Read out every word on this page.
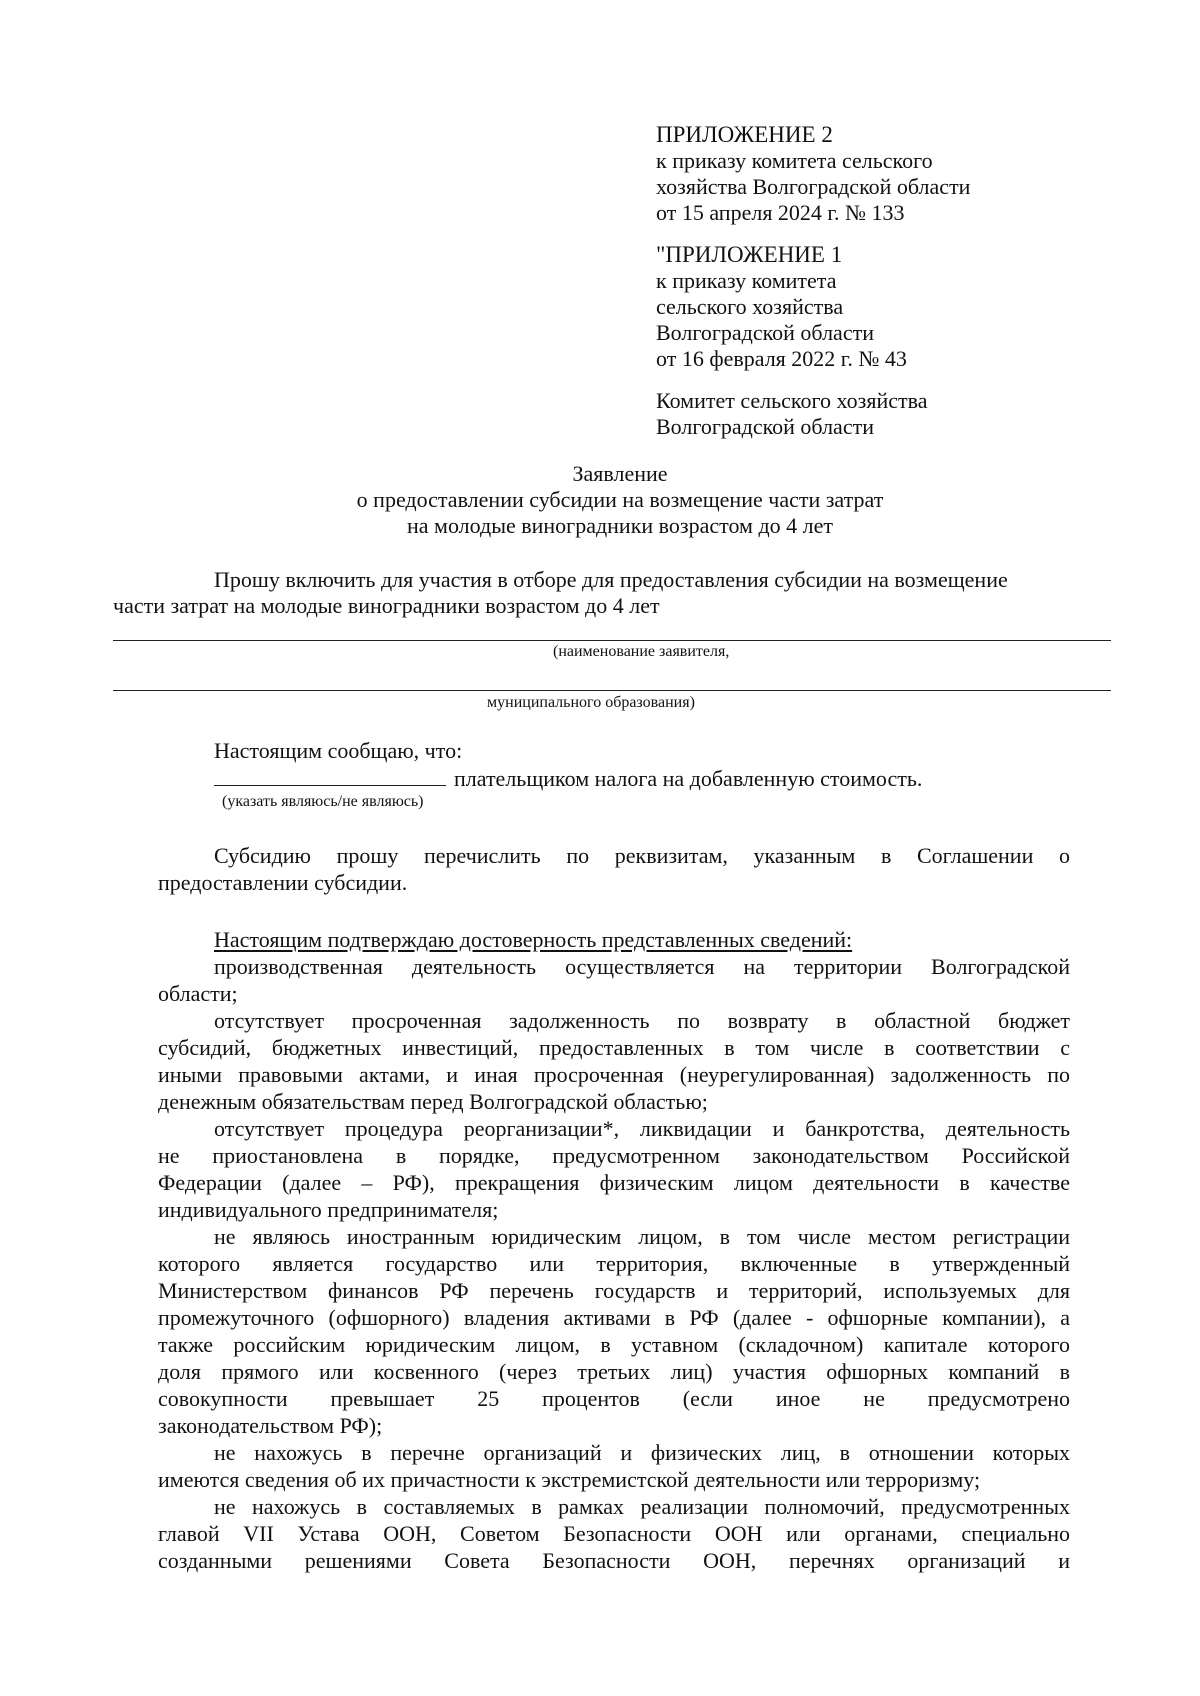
ПРИЛОЖЕНИЕ 2
к приказу комитета сельского
хозяйства Волгоградской области
от 15 апреля 2024 г. № 133
"ПРИЛОЖЕНИЕ 1
к приказу комитета
сельского хозяйства
Волгоградской области
от 16 февраля 2022 г. № 43
Комитет сельского хозяйства
Волгоградской области
Заявление
о предоставлении субсидии на возмещение части затрат
на молодые виноградники возрастом до 4 лет
Прошу включить для участия в отборе для предоставления субсидии на возмещение
части затрат на молодые виноградники возрастом до 4 лет
(наименование заявителя,
муниципального образования)
Настоящим сообщаю, что:
плательщиком налога на добавленную стоимость.
(указать являюсь/не являюсь)
Субсидию прошу перечислить по реквизитам, указанным в Соглашении о
предоставлении субсидии.
Настоящим подтверждаю достоверность представленных сведений:
производственная деятельность осуществляется на территории Волгоградской
области;
отсутствует просроченная задолженность по возврату в областной бюджет
субсидий, бюджетных инвестиций, предоставленных в том числе в соответствии с
иными правовыми актами, и иная просроченная (неурегулированная) задолженность по
денежным обязательствам перед Волгоградской областью;
отсутствует процедура реорганизации*, ликвидации и банкротства, деятельность
не приостановлена в порядке, предусмотренном законодательством Российской
Федерации (далее – РФ), прекращения физическим лицом деятельности в качестве
индивидуального предпринимателя;
не являюсь иностранным юридическим лицом, в том числе местом регистрации
которого является государство или территория, включенные в утвержденный
Министерством финансов РФ перечень государств и территорий, используемых для
промежуточного (офшорного) владения активами в РФ (далее - офшорные компании), а
также российским юридическим лицом, в уставном (складочном) капитале которого
доля прямого или косвенного (через третьих лиц) участия офшорных компаний в
совокупности превышает 25 процентов (если иное не предусмотрено
законодательством РФ);
не нахожусь в перечне организаций и физических лиц, в отношении которых
имеются сведения об их причастности к экстремистской деятельности или терроризму;
не нахожусь в составляемых в рамках реализации полномочий, предусмотренных
главой VII Устава ООН, Советом Безопасности ООН или органами, специально
созданными решениями Совета Безопасности ООН, перечнях организаций и
